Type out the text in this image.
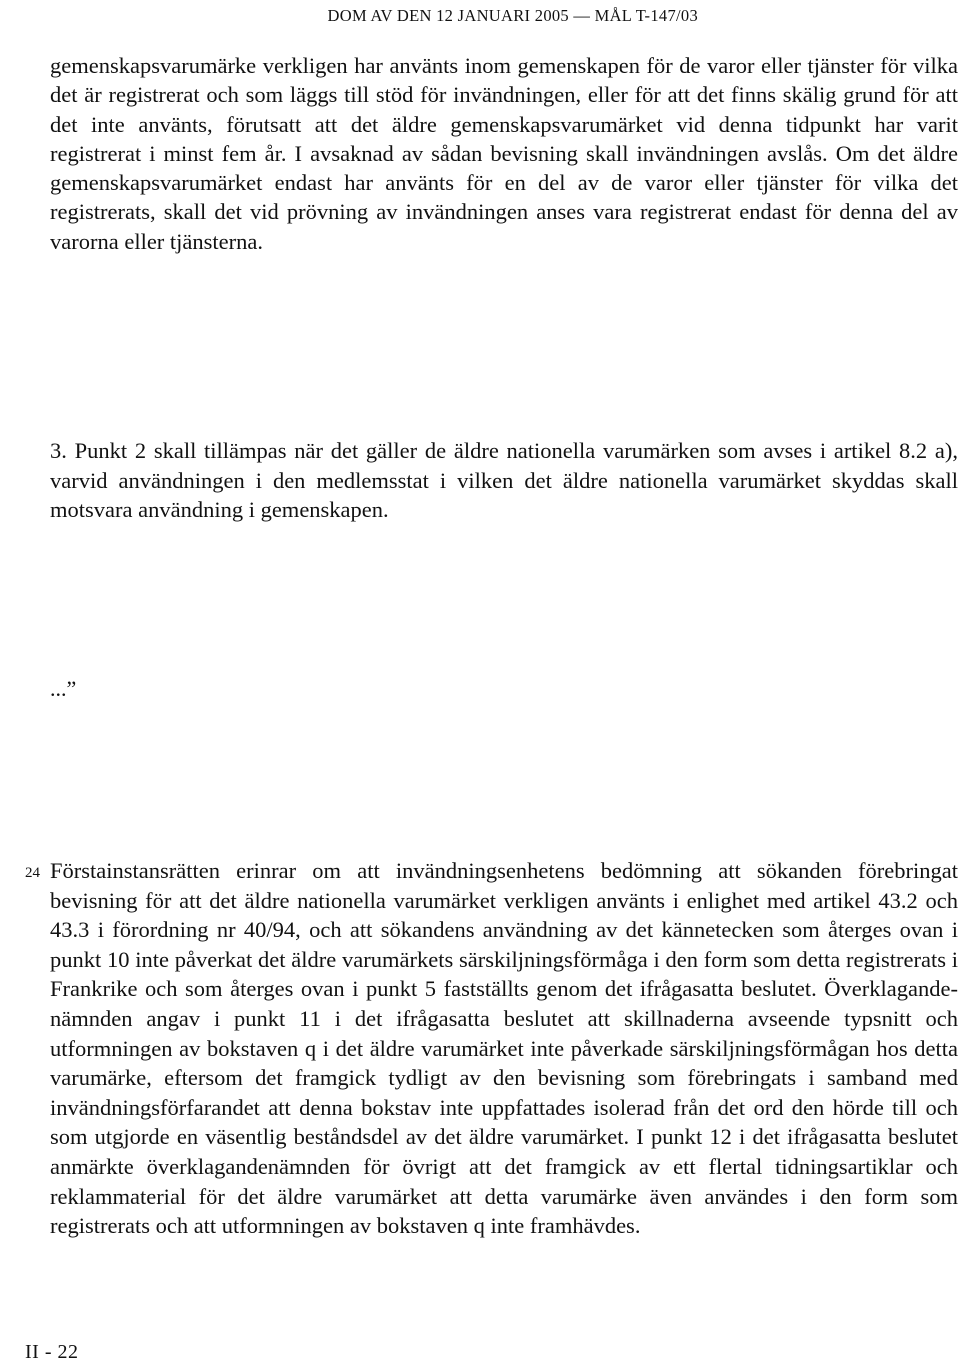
DOM AV DEN 12 JANUARI 2005 — MÅL T-147/03

gemenskapsvarumärke verkligen har använts inom gemenskapen för de varor eller tjänster för vilka det är registrerat och som läggs till stöd för invändningen, eller för att det finns skälig grund för att det inte använts, förutsatt att det äldre gemenskapsvarumärket vid denna tidpunkt har varit registrerat i minst fem år. I avsaknad av sådan bevisning skall invändningen avslås. Om det äldre gemenskapsvarumärket endast har använts för en del av de varor eller tjänster för vilka det registrerats, skall det vid prövning av invändningen anses vara registrerat endast för denna del av varorna eller tjänsterna.

3. Punkt 2 skall tillämpas när det gäller de äldre nationella varumärken som avses i artikel 8.2 a), varvid användningen i den medlemsstat i vilken det äldre nationella varumärket skyddas skall motsvara användning i gemenskapen.

...”
24 Förstainstansrätten erinrar om att invändningsenhetens bedömning att sökanden förebringat bevisning för att det äldre nationella varumärket verkligen använts i enlighet med artikel 43.2 och 43.3 i förordning nr 40/94, och att sökandens användning av det kännetecken som återges ovan i punkt 10 inte påverkat det äldre varumärkets särskiljningsförmåga i den form som detta registrerats i Frankrike och som återges ovan i punkt 5 fastställts genom det ifrågasatta beslutet. Överklagandenämnden angav i punkt 11 i det ifrågasatta beslutet att skillnaderna avseende typsnitt och utformningen av bokstaven q i det äldre varumärket inte påverkade särskiljningsförmågan hos detta varumärke, eftersom det framgick tydligt av den bevisning som förebringats i samband med invändningsförfarandet att denna bokstav inte uppfattades isolerad från det ord den hörde till och som utgjorde en väsentlig beståndsdel av det äldre varumärket. I punkt 12 i det ifrågasatta beslutet anmärkte överklagandenämnden för övrigt att det framgick av ett flertal tidningsartiklar och reklammaterial för det äldre varumärket att detta varumärke även användes i den form som registrerats och att utformningen av bokstaven q inte framhävdes.

II - 22
